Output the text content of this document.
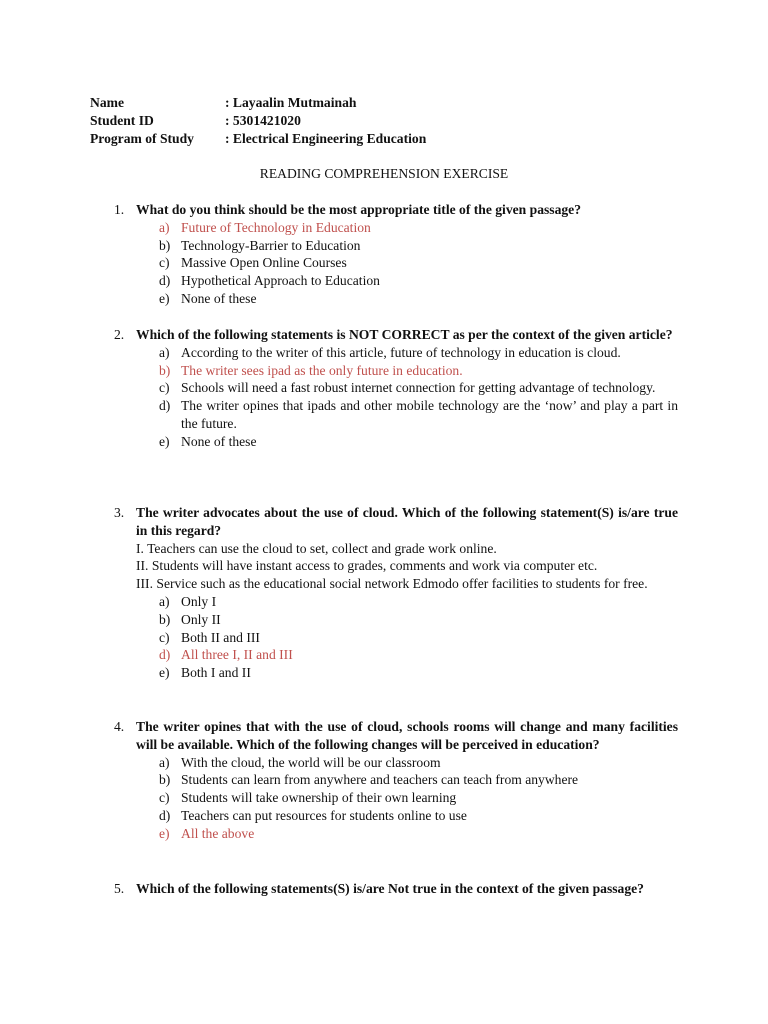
Name	: Layaalin Mutmainah
Student ID	: 5301421020
Program of Study	: Electrical Engineering Education
READING COMPREHENSION EXERCISE
1. What do you think should be the most appropriate title of the given passage?
a) Future of Technology in Education
b) Technology-Barrier to Education
c) Massive Open Online Courses
d) Hypothetical Approach to Education
e) None of these
2. Which of the following statements is NOT CORRECT as per the context of the given article?
a) According to the writer of this article, future of technology in education is cloud.
b) The writer sees ipad as the only future in education.
c) Schools will need a fast robust internet connection for getting advantage of technology.
d) The writer opines that ipads and other mobile technology are the ‘now’ and play a part in the future.
e) None of these
3. The writer advocates about the use of cloud. Which of the following statement(S) is/are true in this regard?
I. Teachers can use the cloud to set, collect and grade work online.
II. Students will have instant access to grades, comments and work via computer etc.
III. Service such as the educational social network Edmodo offer facilities to students for free.
a) Only I
b) Only II
c) Both II and III
d) All three I, II and III
e) Both I and II
4. The writer opines that with the use of cloud, schools rooms will change and many facilities will be available. Which of the following changes will be perceived in education?
a) With the cloud, the world will be our classroom
b) Students can learn from anywhere and teachers can teach from anywhere
c) Students will take ownership of their own learning
d) Teachers can put resources for students online to use
e) All the above
5. Which of the following statements(S) is/are Not true in the context of the given passage?
